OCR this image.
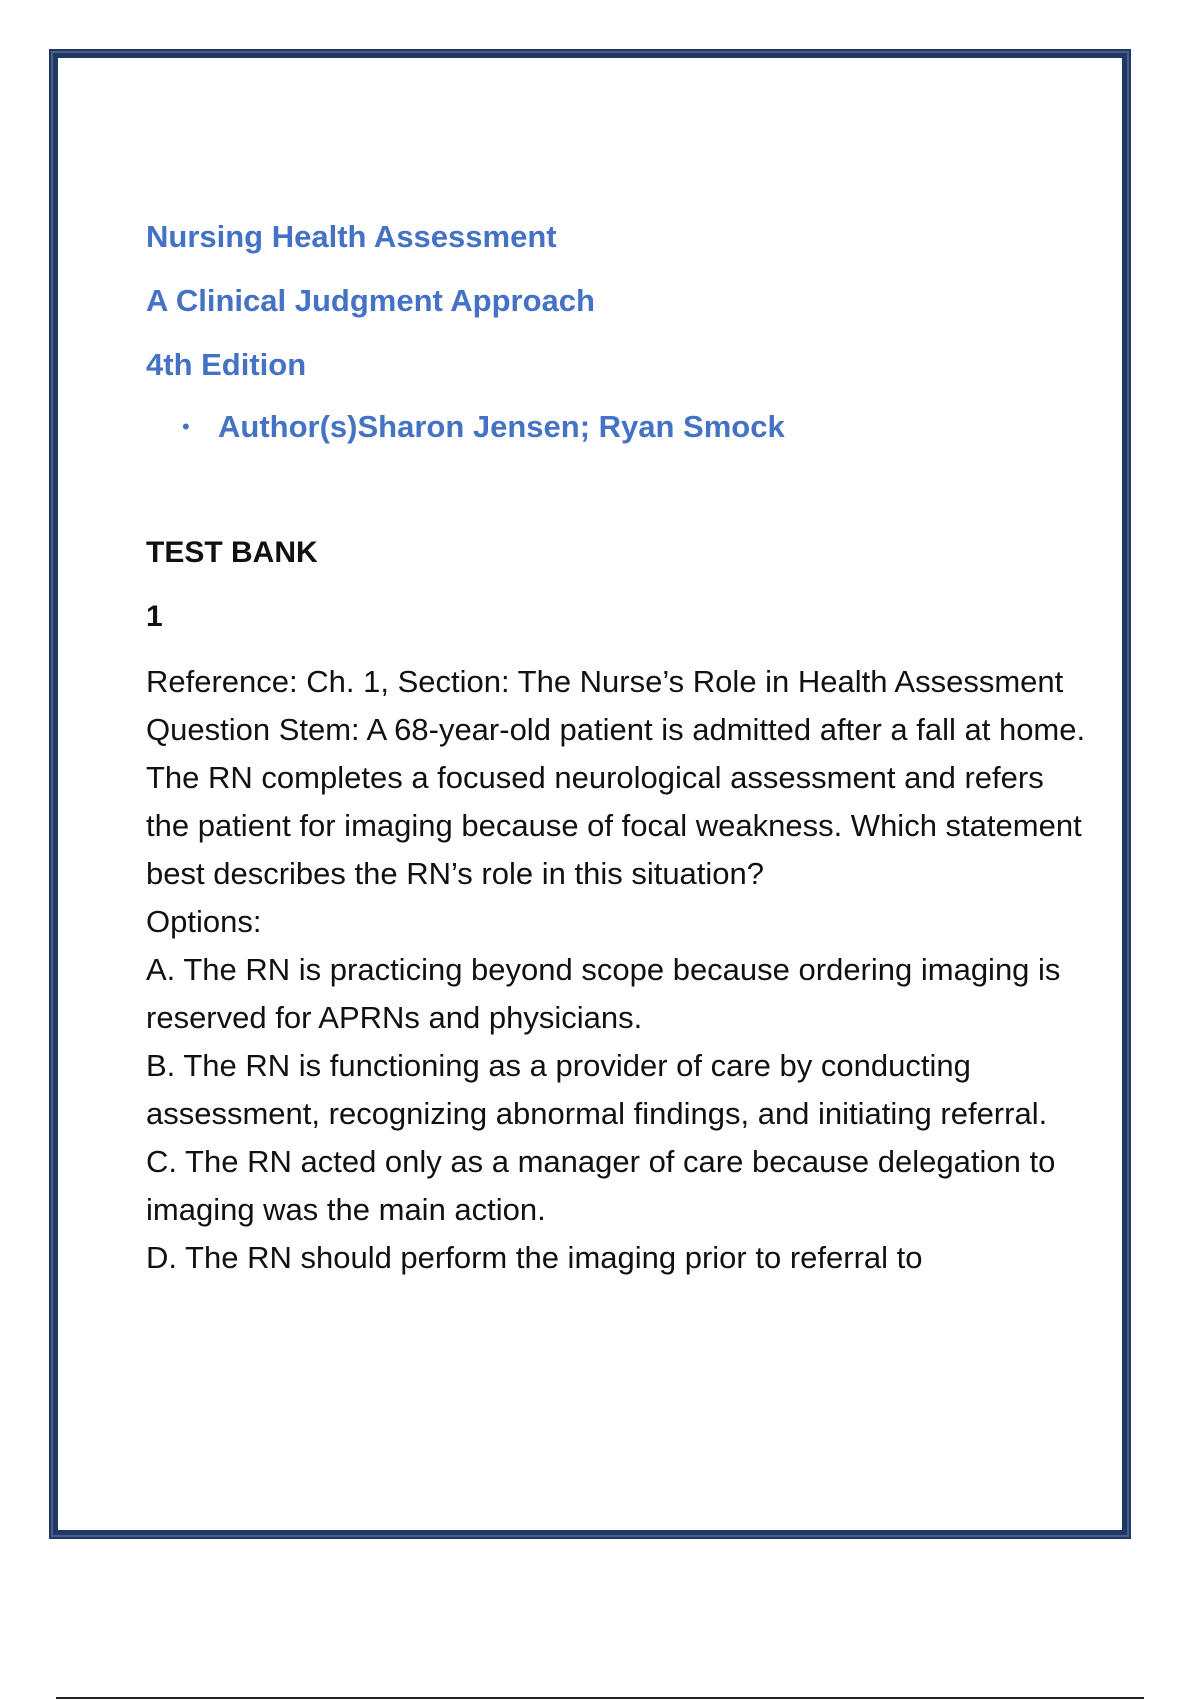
Nursing Health Assessment
A Clinical Judgment Approach
4th Edition
• Author(s)Sharon Jensen; Ryan Smock
TEST BANK
1

Reference: Ch. 1, Section: The Nurse’s Role in Health Assessment

Question Stem: A 68-year-old patient is admitted after a fall at home. The RN completes a focused neurological assessment and refers the patient for imaging because of focal weakness. Which statement best describes the RN’s role in this situation?

Options:

A. The RN is practicing beyond scope because ordering imaging is reserved for APRNs and physicians.

B. The RN is functioning as a provider of care by conducting assessment, recognizing abnormal findings, and initiating referral.

C. The RN acted only as a manager of care because delegation to imaging was the main action.

D. The RN should perform the imaging prior to referral to
